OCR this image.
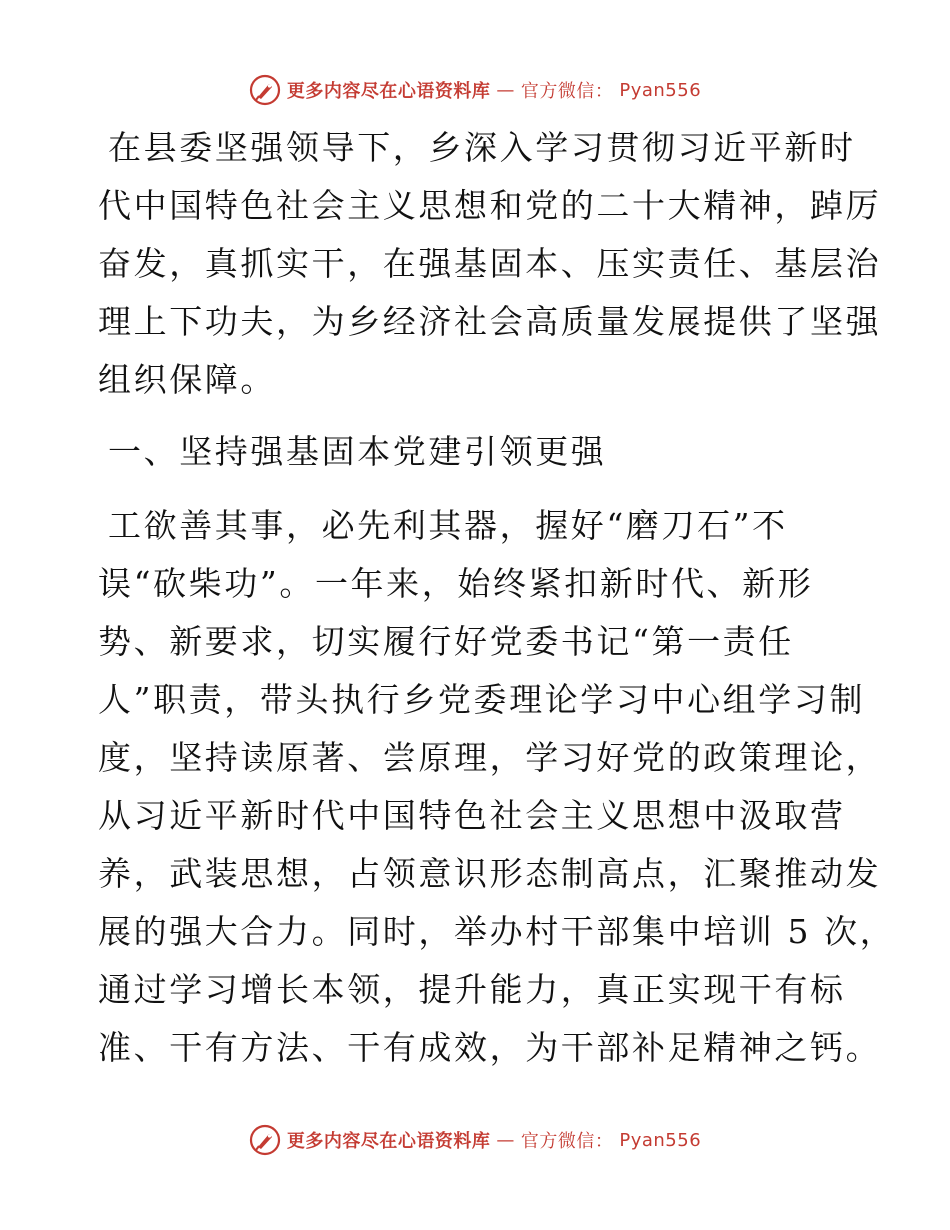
更多内容尽在心语资料库 — 官方微信： Pyan556
在县委坚强领导下，乡深入学习贯彻习近平新时
代中国特色社会主义思想和党的二十大精神，踔厉
奋发，真抓实干，在强基固本、压实责任、基层治
理上下功夫，为乡经济社会高质量发展提供了坚强
组织保障。
一、坚持强基固本党建引领更强
工欲善其事，必先利其器，握好“磨刀石”不
误“砍柴功”。一年来，始终紧扣新时代、新形
势、新要求，切实履行好党委书记“第一责任
人”职责，带头执行乡党委理论学习中心组学习制
度，坚持读原著、尝原理，学习好党的政策理论，
从习近平新时代中国特色社会主义思想中汲取营
养，武装思想，占领意识形态制高点，汇聚推动发
展的强大合力。同时，举办村干部集中培训 5 次，
通过学习增长本领，提升能力，真正实现干有标
准、干有方法、干有成效，为干部补足精神之钙。
更多内容尽在心语资料库 — 官方微信： Pyan556
